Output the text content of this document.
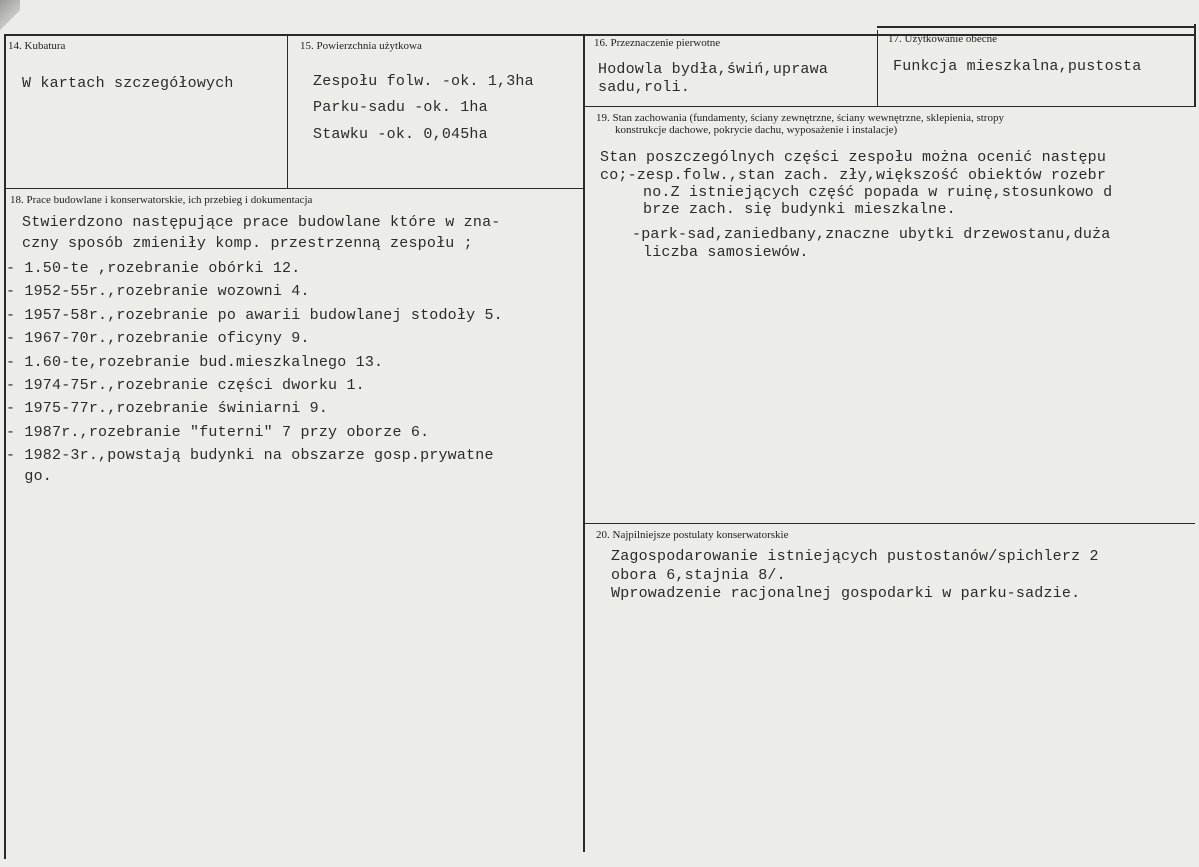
14. Kubatura
W kartach szczegółowych
15. Powierzchnia użytkowa
Zespołu folw. -ok. 1,3ha
Parku-sadu -ok. 1ha
Stawku -ok. 0,045ha
16. Przeznaczenie pierwotne
Hodowla bydła,świń,uprawa
sadu,roli.
17. Użytkowanie obecne
Funkcja mieszkalna,pustosta
18. Prace budowlane i konserwatorskie, ich przebieg i dokumentacja
Stwierdzono następujące prace budowlane które w zna-
czny sposób zmieniły komp. przestrzenną zespołu ;
- 1.50-te ,rozebranie obórki 12.
- 1952-55r.,rozebranie wozowni 4.
- 1957-58r.,rozebranie po awarii budowlanej stodoły 5.
- 1967-70r.,rozebranie oficyny 9.
- 1.60-te,rozebranie bud.mieszkalnego 13.
- 1974-75r.,rozebranie części dworku 1.
- 1975-77r.,rozebranie świniarni 9.
- 1987r.,rozebranie "futerni" 7 przy oborze 6.
- 1982-3r.,powstają budynki na obszarze gosp.prywatne
go.
19. Stan zachowania (fundamenty, ściany zewnętrzne, ściany wewnętrzne, sklepienia, stropy
konstrukcje dachowe, pokrycie dachu, wyposażenie i instalacje)
Stan poszczególnych części zespołu można ocenić następu
co;-zesp.folw.,stan zach. zły,większość obiektów rozebr
no.Z istniejących część popada w ruinę,stosunkowo d
brze zach. się budynki mieszkalne.
-park-sad,zaniedbany,znaczne ubytki drzewostanu,duża
liczba samosiewów.
20. Najpilniejsze postulaty konserwatorskie
Zagospodarowanie istniejących pustostanów/spichlerz 2
obora 6,stajnia 8/.
Wprowadzenie racjonalnej gospodarki w parku-sadzie.
